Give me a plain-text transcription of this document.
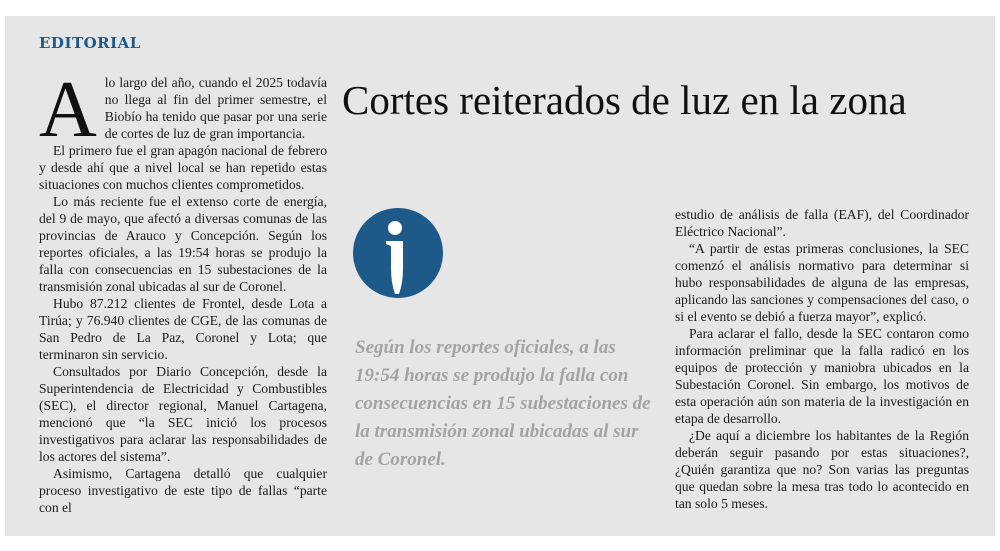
EDITORIAL
Cortes reiterados de luz en la zona

Alo largo del año, cuando el 2025 todavía no llega al fin del primer semestre, el Biobío ha tenido que pasar por una serie de cortes de luz de gran importancia.

El primero fue el gran apagón nacional de febrero y desde ahí que a nivel local se han repetido estas situaciones con muchos clientes comprometidos.

Lo más reciente fue el extenso corte de energía, del 9 de mayo, que afectó a diversas comunas de las provincias de Arauco y Concepción. Según los reportes oficiales, a las 19:54 horas se produjo la falla con consecuencias en 15 subestaciones de la transmisión zonal ubicadas al sur de Coronel.

Hubo 87.212 clientes de Frontel, desde Lota a Tirúa; y 76.940 clientes de CGE, de las comunas de San Pedro de La Paz, Coronel y Lota; que terminaron sin servicio.

Consultados por Diario Concepción, desde la Superintendencia de Electricidad y Combustibles (SEC), el director regional, Manuel Cartagena, mencionó que “la SEC inició los procesos investigativos para aclarar las responsabilidades de los actores del sistema”.

Asimismo, Cartagena detalló que cualquier proceso investigativo de este tipo de fallas “parte con el

Según los reportes oficiales, a las 19:54 horas se produjo la falla con consecuencias en 15 subestaciones de la transmisión zonal ubicadas al sur de Coronel.

estudio de análisis de falla (EAF), del Coordinador Eléctrico Nacional”.

“A partir de estas primeras conclusiones, la SEC comenzó el análisis normativo para determinar si hubo responsabilidades de alguna de las empresas, aplicando las sanciones y compensaciones del caso, o si el evento se debió a fuerza mayor”, explicó.

Para aclarar el fallo, desde la SEC contaron como información preliminar que la falla radicó en los equipos de protección y maniobra ubicados en la Subestación Coronel. Sin embargo, los motivos de esta operación aún son materia de la investigación en etapa de desarrollo.

¿De aquí a diciembre los habitantes de la Región deberán seguir pasando por estas situaciones?, ¿Quién garantiza que no? Son varias las preguntas que quedan sobre la mesa tras todo lo acontecido en tan solo 5 meses.
